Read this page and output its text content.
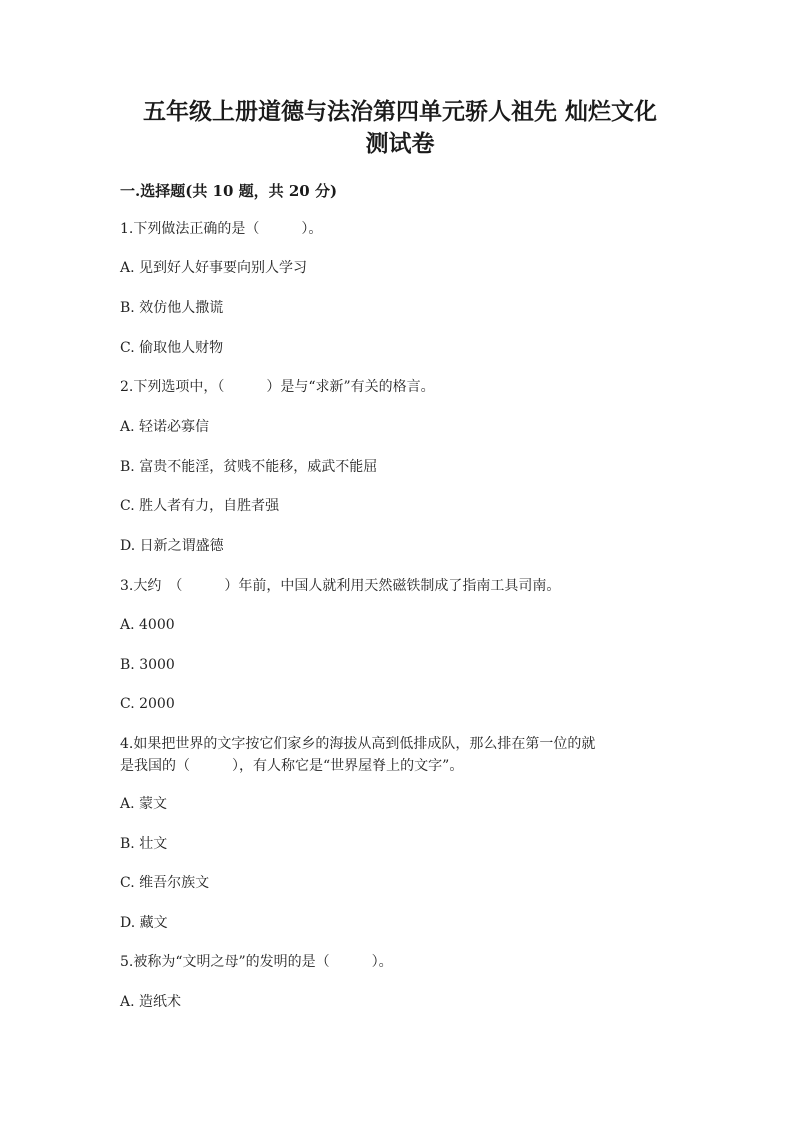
五年级上册道德与法治第四单元骄人祖先 灿烂文化
测试卷
一.选择题(共 10 题，共 20 分)
1.下列做法正确的是（　　　）。
A. 见到好人好事要向别人学习
B. 效仿他人撒谎
C. 偷取他人财物
2.下列选项中，（　　　）是与“求新”有关的格言。
A. 轻诺必寡信
B. 富贵不能淫，贫贱不能移，威武不能屈
C. 胜人者有力，自胜者强
D. 日新之谓盛德
3.大约　（　　　）年前，中国人就利用天然磁铁制成了指南工具司南。
A. 4000
B. 3000
C. 2000
4.如果把世界的文字按它们家乡的海拔从高到低排成队，那么排在第一位的就
是我国的（　　　），有人称它是“世界屋脊上的文字”。
A. 蒙文
B. 壮文
C. 维吾尔族文
D. 藏文
5.被称为“文明之母”的发明的是（　　　）。
A. 造纸术
